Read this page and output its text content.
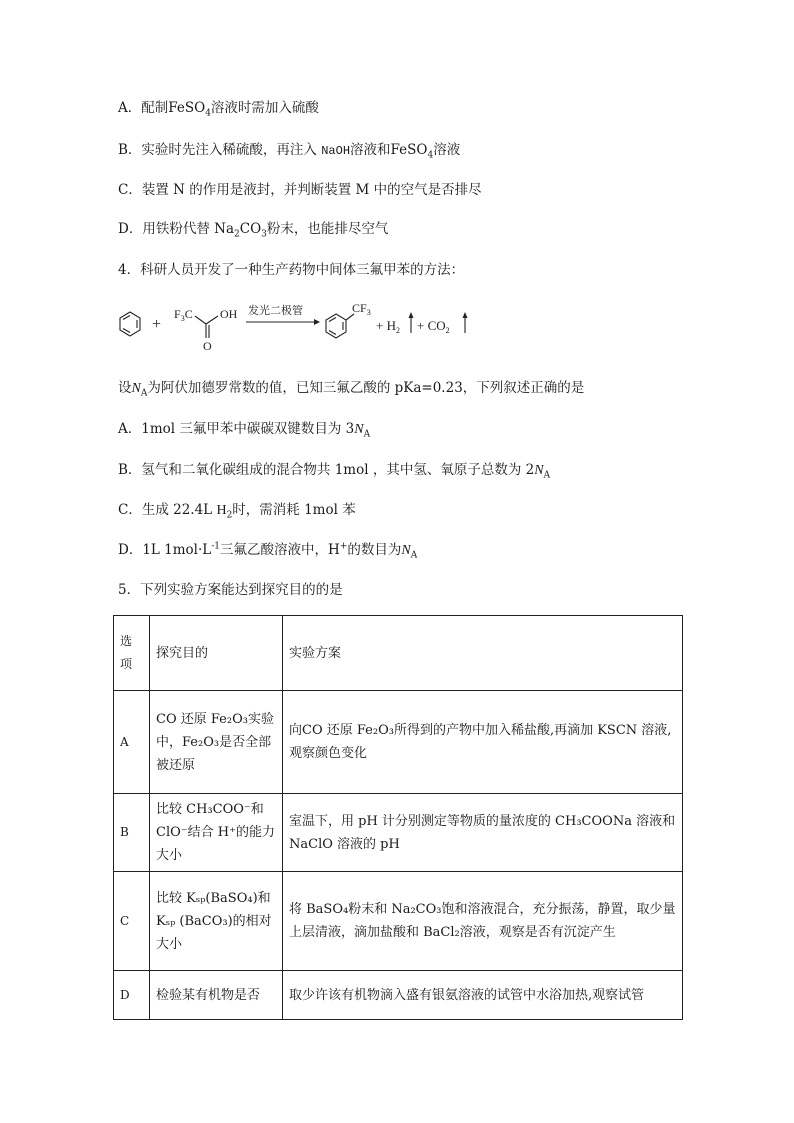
A．配制FeSO$_4$溶液时需加入硫酸
B．实验时先注入稀硫酸，再注入 NaOH溶液和FeSO$_4$溶液
C．装置 N 的作用是液封，并判断装置 M 中的空气是否排尽
D．用铁粉代替 $Na_2CO_3$粉末，也能排尽空气
4．科研人员开发了一种生产药物中间体三氟甲苯的方法：
+
$F_3C$ OH
O
发光二极管	$CF_3$
+ $H_2 + CO_2$
设$N_A$为阿伏加德罗常数的值，已知三氟乙酸的 pKa=0.23，下列叙述正确的是
A．1mol 三氟甲苯中碳碳双键数目为 $3N_A$
B．氢气和二氧化碳组成的混合物共 1mol ，其中氢、氧原子总数为 $2N_A$
C．生成 22.4L $H_2$时，需消耗 1mol 苯
D．1L $1mol\cdot L^{-1}$三氟乙酸溶液中，H+的数目为$N_A$
5．下列实验方案能达到探究目的的是
选项	探究目的	实验方案
A	CO 还原 Fe₂O₃实验中，Fe₂O₃是否全部被还原	向CO 还原 Fe₂O₃所得到的产物中加入稀盐酸,再滴加 KSCN 溶液,观察颜色变化
B	比较 CH₃COO⁻和ClO⁻结合 H⁺的能力大小	室温下，用 pH 计分别测定等物质的量浓度的 CH₃COONa 溶液和NaClO 溶液的 pH
C	比较 Kₛₚ(BaSO₄)和Kₛₚ (BaCO₃)的相对大小	将 BaSO₄粉末和 Na₂CO₃饱和溶液混合，充分振荡，静置，取少量上层清液，滴加盐酸和 BaCl₂溶液，观察是否有沉淀产生
D	检验某有机物是否	取少许该有机物滴入盛有银氨溶液的试管中水浴加热,观察试管
